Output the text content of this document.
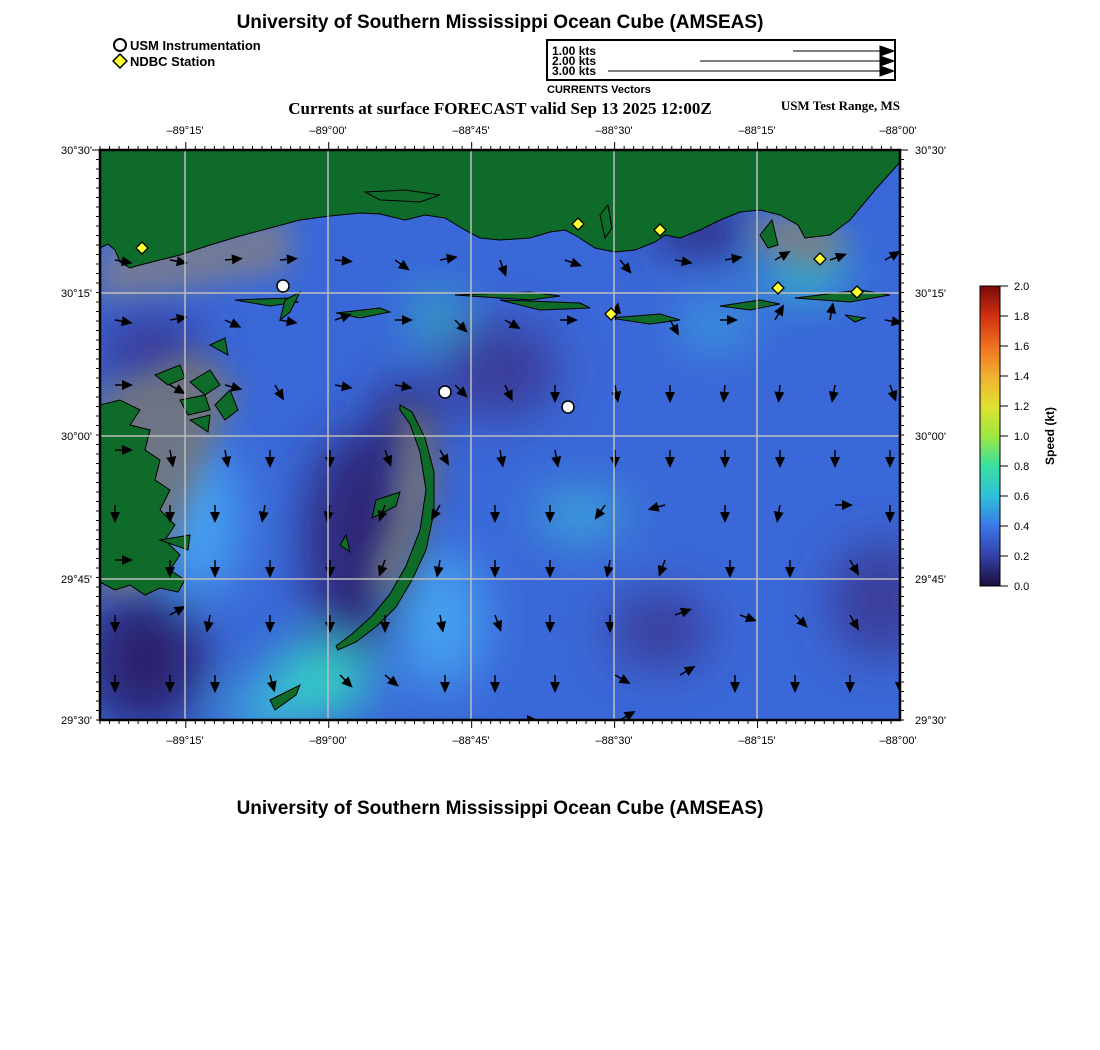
University of Southern Mississippi Ocean Cube (AMSEAS)
USM Instrumentation
NDBC Station
1.00 kts
2.00 kts
3.00 kts
CURRENTS Vectors
Currents at surface FORECAST valid Sep 13 2025 12:00Z	USM Test Range, MS
–89°15'	–89°00'	–88°45'	–88°30'	–88°15'	–88°00'
–89°15'	–89°00'	–88°45'	–88°30'	–88°15'	–88°00'
30°30'
30°15'
30°00'
29°45'
29°30'
30°30'
30°15'
30°00'
29°45'
29°30'
2.0
1.8
1.6
1.4
1.2
1.0
0.8
0.6
0.4
0.2
0.0
Speed (kt)
University of Southern Mississippi Ocean Cube (AMSEAS)
